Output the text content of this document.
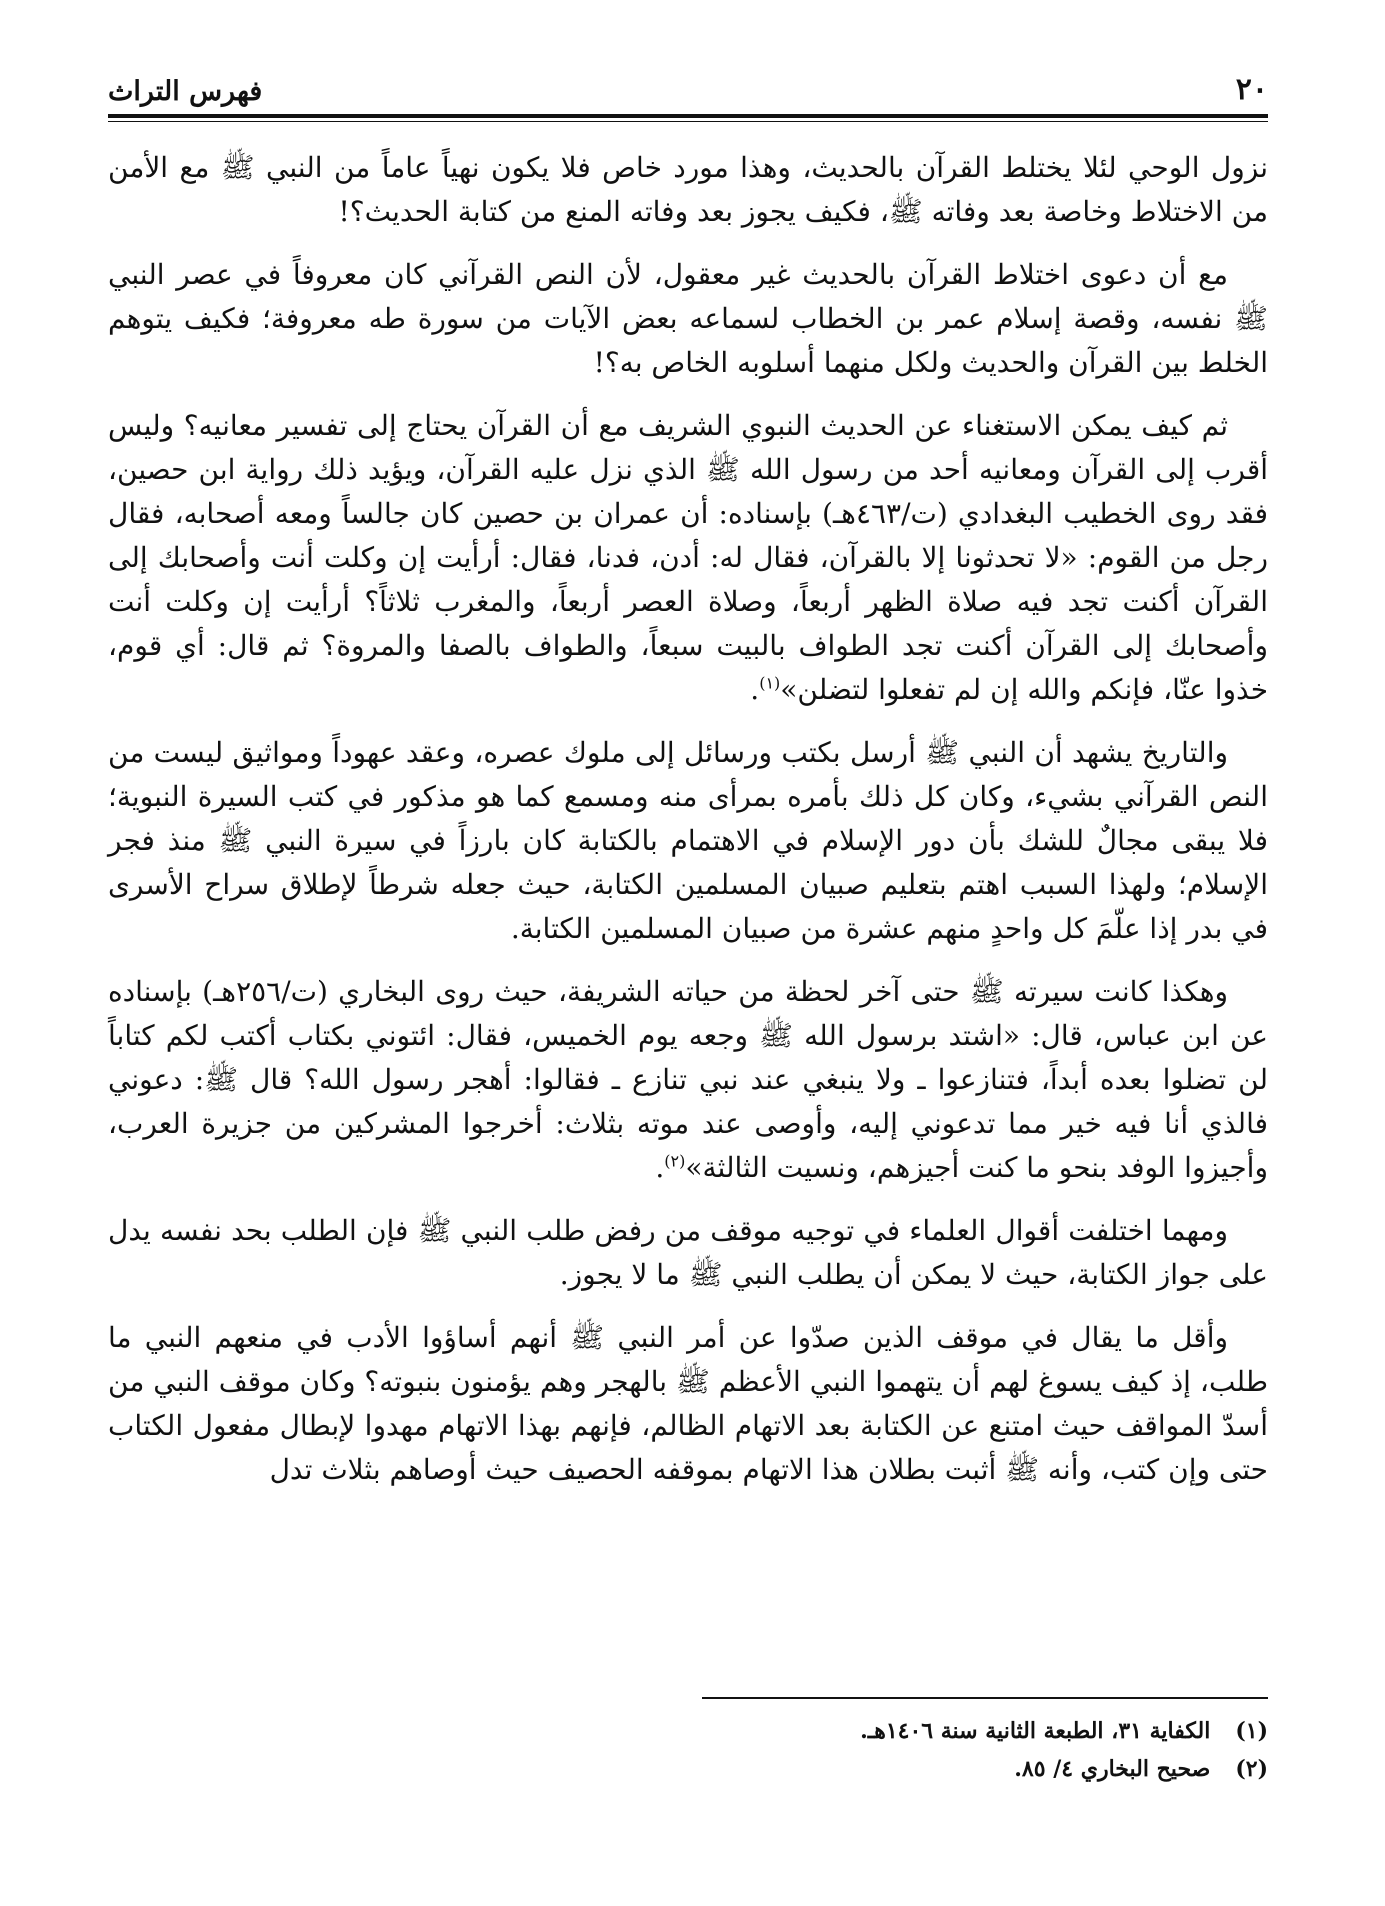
٢٠
فهرس التراث

نزول الوحي لئلا يختلط القرآن بالحديث، وهذا مورد خاص فلا يكون نهياً عاماً من النبي ﷺ مع الأمن من الاختلاط وخاصة بعد وفاته ﷺ، فكيف يجوز بعد وفاته المنع من كتابة الحديث؟!

مع أن دعوى اختلاط القرآن بالحديث غير معقول، لأن النص القرآني كان معروفاً في عصر النبي ﷺ نفسه، وقصة إسلام عمر بن الخطاب لسماعه بعض الآيات من سورة طه معروفة؛ فكيف يتوهم الخلط بين القرآن والحديث ولكل منهما أسلوبه الخاص به؟!

ثم كيف يمكن الاستغناء عن الحديث النبوي الشريف مع أن القرآن يحتاج إلى تفسير معانيه؟ وليس أقرب إلى القرآن ومعانيه أحد من رسول الله ﷺ الذي نزل عليه القرآن، ويؤيد ذلك رواية ابن حصين، فقد روى الخطيب البغدادي (ت/٤٦٣هـ) بإسناده: أن عمران بن حصين كان جالساً ومعه أصحابه، فقال رجل من القوم: «لا تحدثونا إلا بالقرآن، فقال له: أدن، فدنا، فقال: أرأيت إن وكلت أنت وأصحابك إلى القرآن أكنت تجد فيه صلاة الظهر أربعاً، وصلاة العصر أربعاً، والمغرب ثلاثاً؟ أرأيت إن وكلت أنت وأصحابك إلى القرآن أكنت تجد الطواف بالبيت سبعاً، والطواف بالصفا والمروة؟ ثم قال: أي قوم، خذوا عنّا، فإنكم والله إن لم تفعلوا لتضلن»$^{(١)}$.

والتاريخ يشهد أن النبي ﷺ أرسل بكتب ورسائل إلى ملوك عصره، وعقد عهوداً ومواثيق ليست من النص القرآني بشيء، وكان كل ذلك بأمره بمرأى منه ومسمع كما هو مذكور في كتب السيرة النبوية؛ فلا يبقى مجالٌ للشك بأن دور الإسلام في الاهتمام بالكتابة كان بارزاً في سيرة النبي ﷺ منذ فجر الإسلام؛ ولهذا السبب اهتم بتعليم صبيان المسلمين الكتابة، حيث جعله شرطاً لإطلاق سراح الأسرى في بدر إذا علّمَ كل واحدٍ منهم عشرة من صبيان المسلمين الكتابة.

وهكذا كانت سيرته ﷺ حتى آخر لحظة من حياته الشريفة، حيث روى البخاري (ت/٢٥٦هـ) بإسناده عن ابن عباس، قال: «اشتد برسول الله ﷺ وجعه يوم الخميس، فقال: ائتوني بكتاب أكتب لكم كتاباً لن تضلوا بعده أبداً، فتنازعوا ـ ولا ينبغي عند نبي تنازع ـ فقالوا: أهجر رسول الله؟ قال ﷺ: دعوني فالذي أنا فيه خير مما تدعوني إليه، وأوصى عند موته بثلاث: أخرجوا المشركين من جزيرة العرب، وأجيزوا الوفد بنحو ما كنت أجيزهم، ونسيت الثالثة»$^{(٢)}$.

ومهما اختلفت أقوال العلماء في توجيه موقف من رفض طلب النبي ﷺ فإن الطلب بحد نفسه يدل على جواز الكتابة، حيث لا يمكن أن يطلب النبي ﷺ ما لا يجوز.

وأقل ما يقال في موقف الذين صدّوا عن أمر النبي ﷺ أنهم أساؤوا الأدب في منعهم النبي ما طلب، إذ كيف يسوغ لهم أن يتهموا النبي الأعظم ﷺ بالهجر وهم يؤمنون بنبوته؟ وكان موقف النبي من أسدّ المواقف حيث امتنع عن الكتابة بعد الاتهام الظالم، فإنهم بهذا الاتهام مهدوا لإبطال مفعول الكتاب حتى وإن كتب، وأنه ﷺ أثبت بطلان هذا الاتهام بموقفه الحصيف حيث أوصاهم بثلاث تدل

(١) الكفاية ٣١، الطبعة الثانية سنة ١٤٠٦هـ.
(٢) صحيح البخاري ٤/ ٨٥.
